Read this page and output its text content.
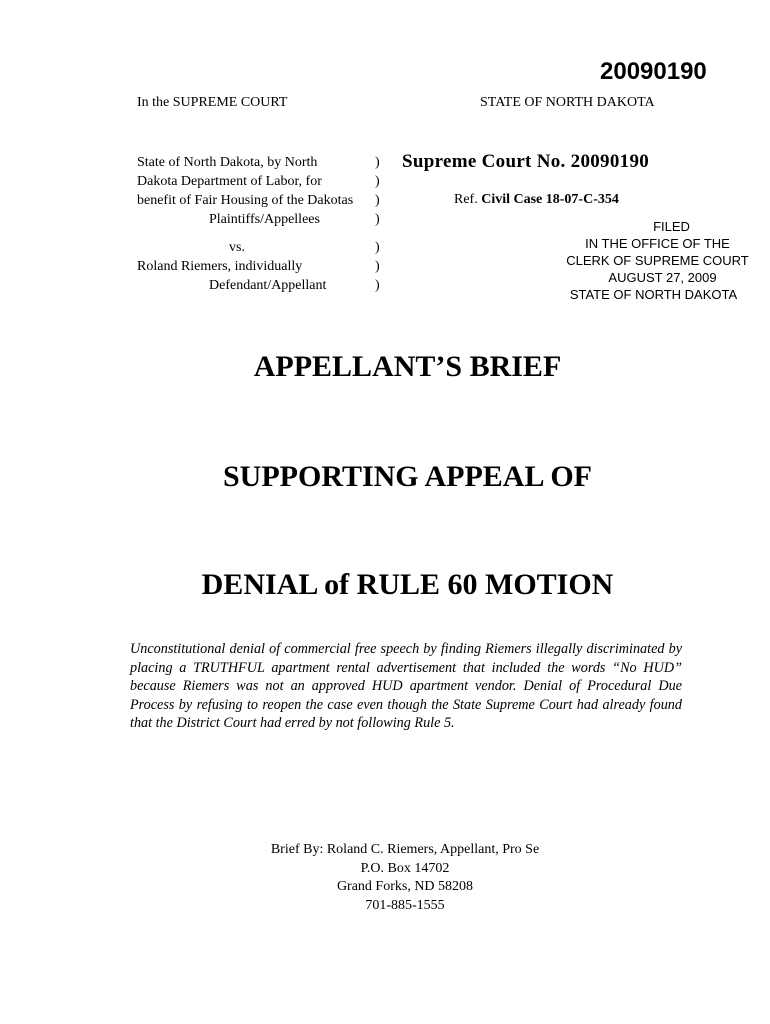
20090190
In the SUPREME COURT	STATE OF NORTH DAKOTA
State of North Dakota, by North
Dakota Department of Labor, for
benefit of Fair Housing of the Dakotas
Plaintiffs/Appellees
)
)
)
)
vs.
Roland Riemers, individually
Defendant/Appellant
)
)
)
Supreme Court No. 20090190
Ref. Civil Case 18-07-C-354
FILED
IN THE OFFICE OF THE
CLERK OF SUPREME COURT
AUGUST 27, 2009
STATE OF NORTH DAKOTA
APPELLANT’S BRIEF
SUPPORTING APPEAL OF
DENIAL of RULE 60 MOTION
Unconstitutional denial of commercial free speech by finding Riemers illegally discriminated by placing a TRUTHFUL apartment rental advertisement that included the words “No HUD” because Riemers was not an approved HUD apartment vendor. Denial of Procedural Due Process by refusing to reopen the case even though the State Supreme Court had already found that the District Court had erred by not following Rule 5.
Brief By: Roland C. Riemers, Appellant, Pro Se
P.O. Box 14702
Grand Forks, ND 58208
701-885-1555
